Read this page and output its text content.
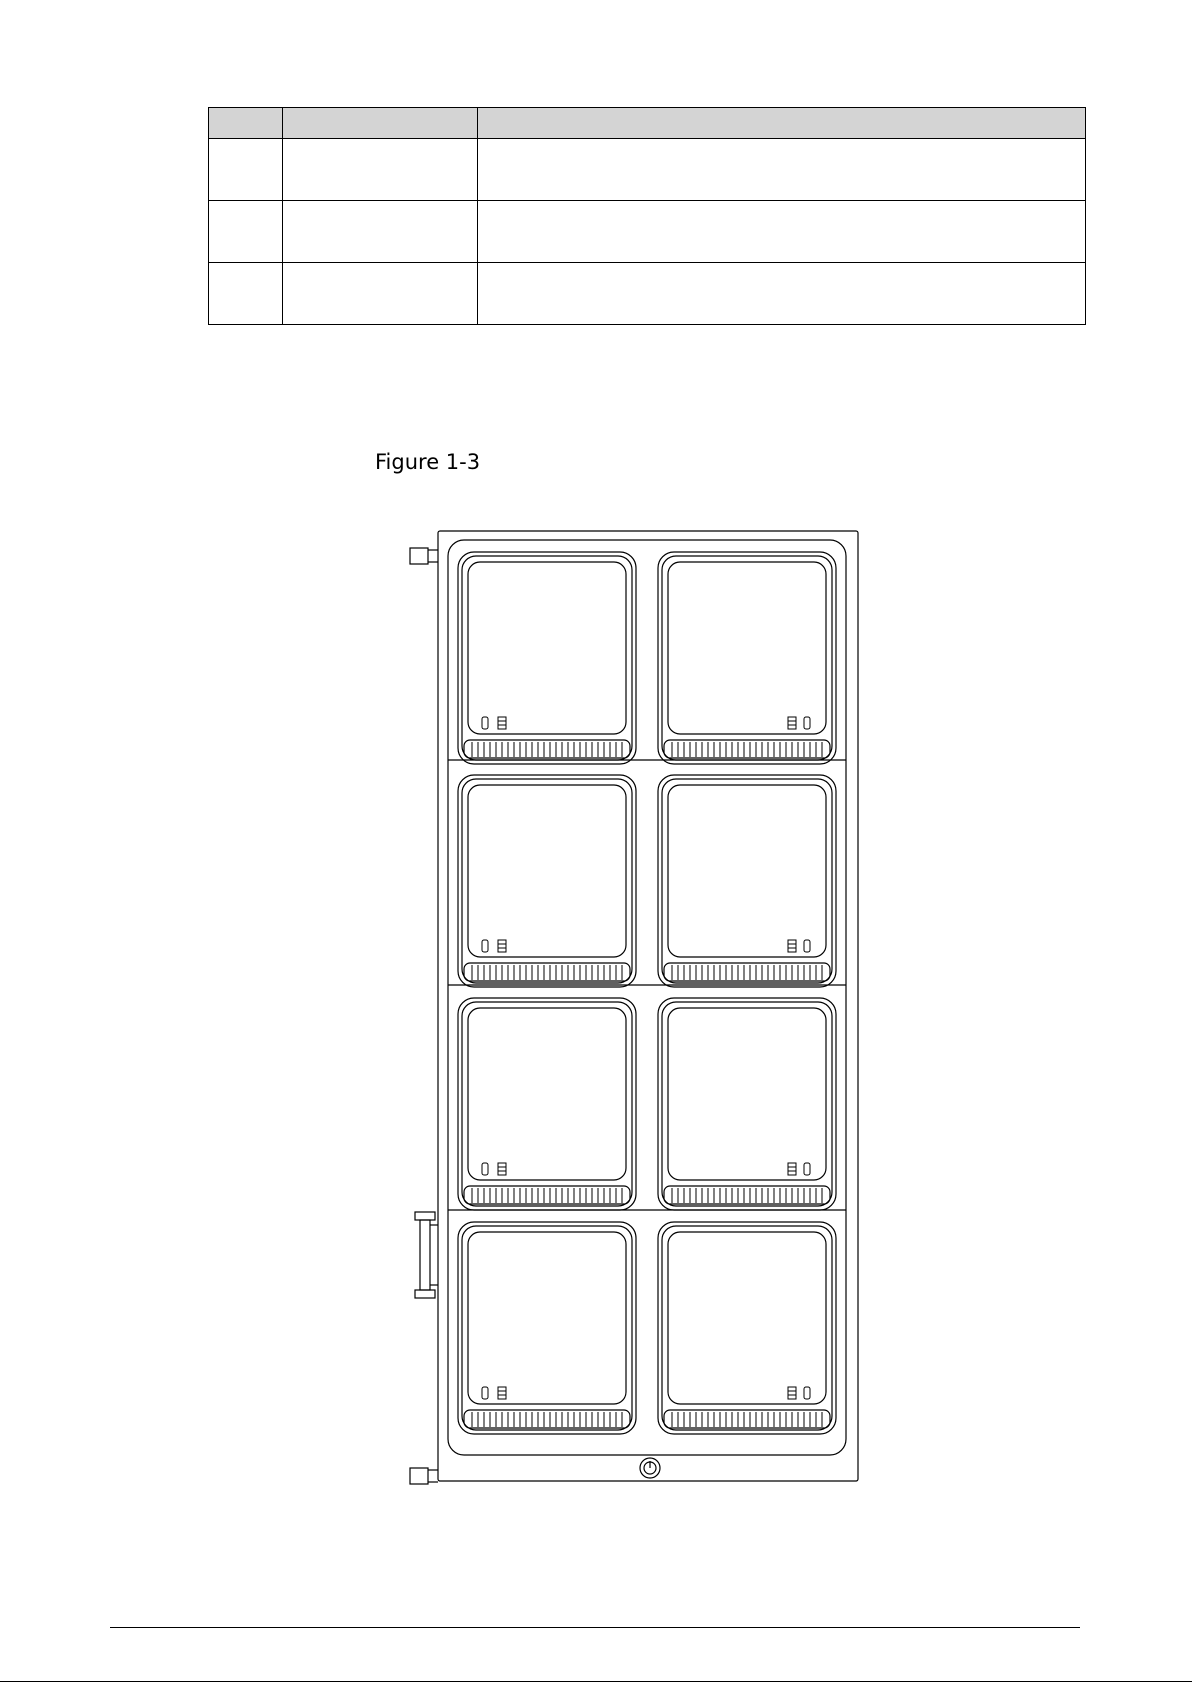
Figure 1-3
